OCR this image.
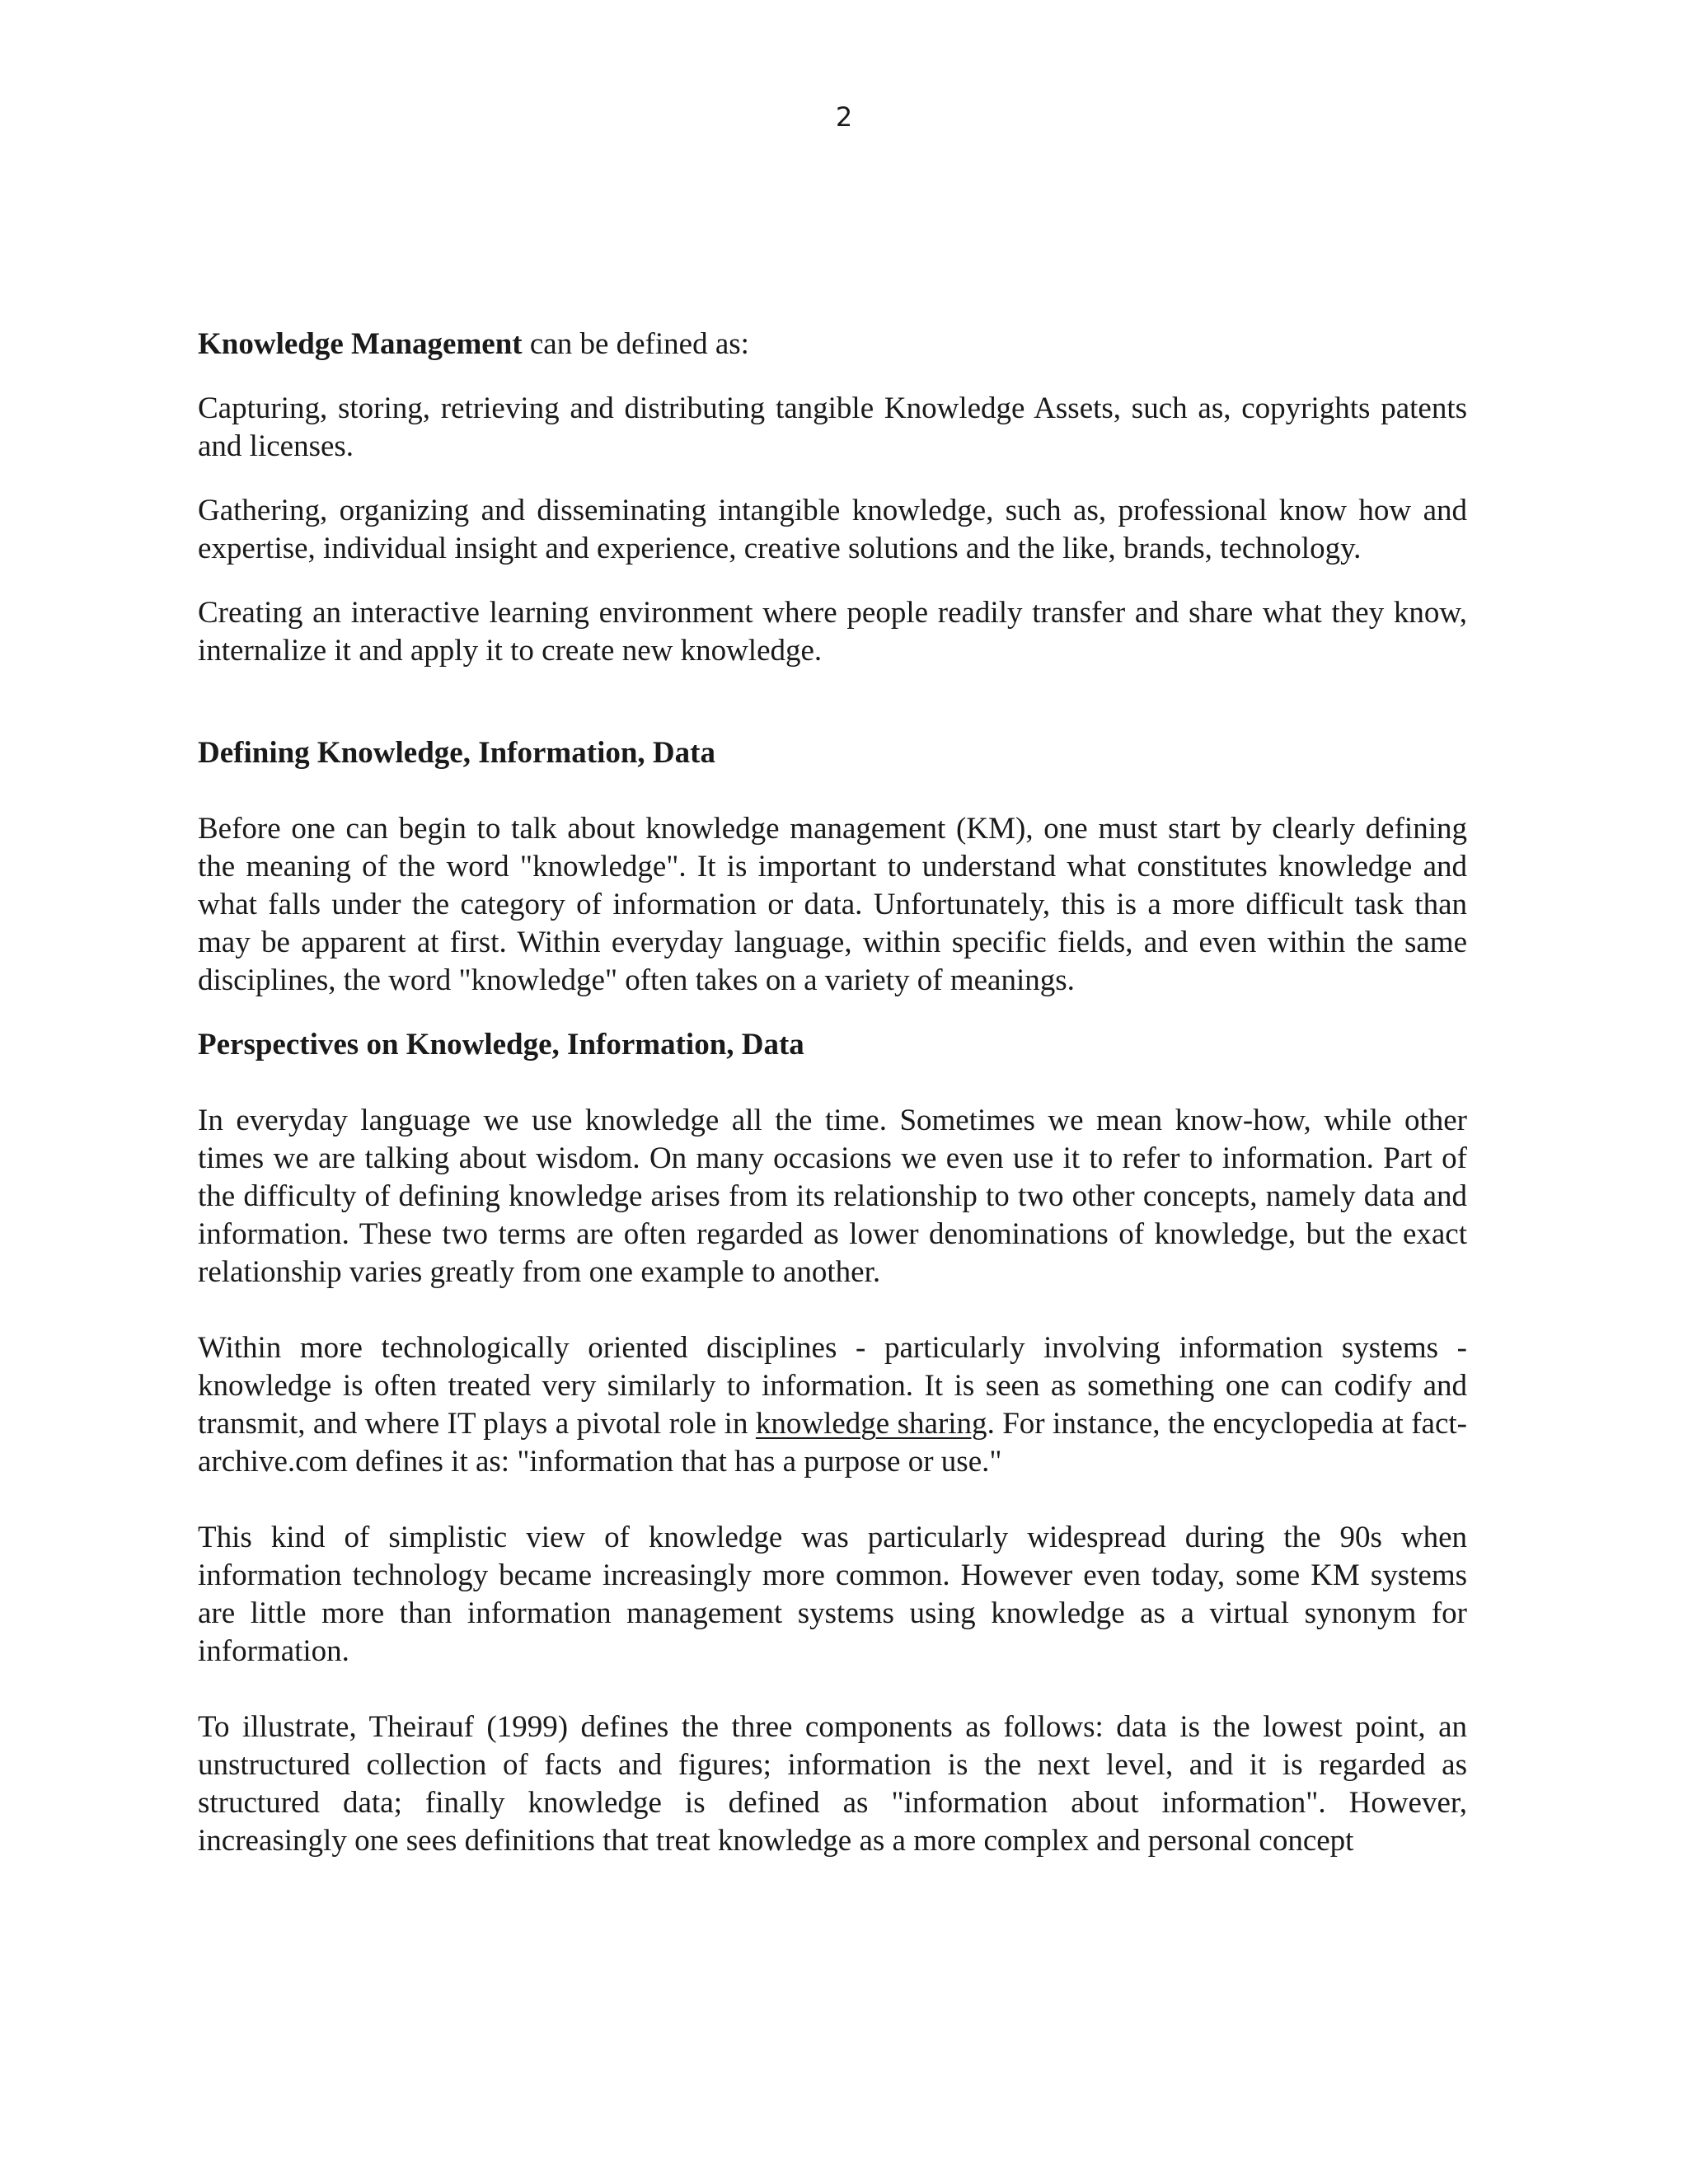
2

Knowledge Management can be defined as:

Capturing, storing, retrieving and distributing tangible Knowledge Assets, such as, copyrights patents and licenses.

Gathering, organizing and disseminating intangible knowledge, such as, professional know how and expertise, individual insight and experience, creative solutions and the like, brands, technology.

Creating an interactive learning environment where people readily transfer and share what they know, internalize it and apply it to create new knowledge.

Defining Knowledge, Information, Data

Before one can begin to talk about knowledge management (KM), one must start by clearly defining the meaning of the word "knowledge". It is important to understand what constitutes knowledge and what falls under the category of information or data. Unfortunately, this is a more difficult task than may be apparent at first. Within everyday language, within specific fields, and even within the same disciplines, the word "knowledge" often takes on a variety of meanings.

Perspectives on Knowledge, Information, Data

In everyday language we use knowledge all the time. Sometimes we mean know-how, while other times we are talking about wisdom. On many occasions we even use it to refer to information. Part of the difficulty of defining knowledge arises from its relationship to two other concepts, namely data and information. These two terms are often regarded as lower denominations of knowledge, but the exact relationship varies greatly from one example to another.

Within more technologically oriented disciplines - particularly involving information systems - knowledge is often treated very similarly to information. It is seen as something one can codify and transmit, and where IT plays a pivotal role in knowledge sharing. For instance, the encyclopedia at fact-archive.com defines it as: "information that has a purpose or use."

This kind of simplistic view of knowledge was particularly widespread during the 90s when information technology became increasingly more common. However even today, some KM systems are little more than information management systems using knowledge as a virtual synonym for information.

To illustrate, Theirauf (1999) defines the three components as follows: data is the lowest point, an unstructured collection of facts and figures; information is the next level, and it is regarded as structured data; finally knowledge is defined as "information about information". However, increasingly one sees definitions that treat knowledge as a more complex and personal concept
